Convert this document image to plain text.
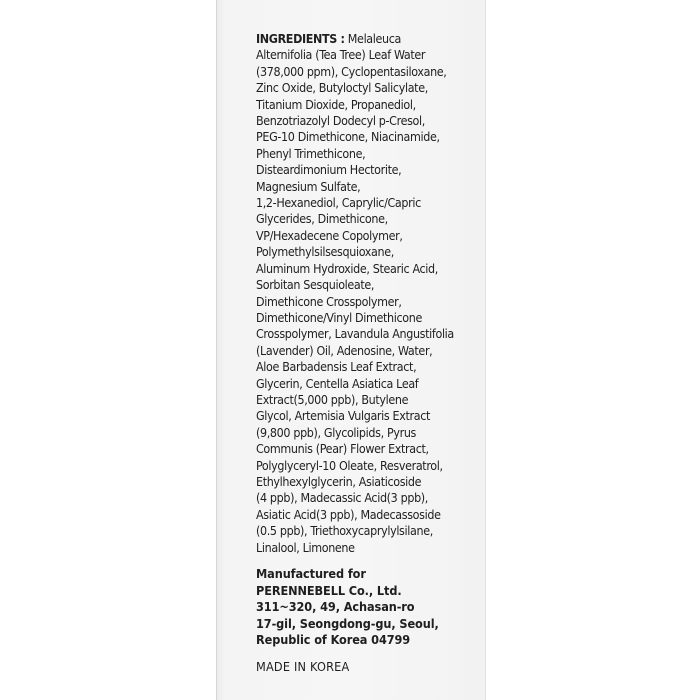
INGREDIENTS : Melaleuca
Alternifolia (Tea Tree) Leaf Water
(378,000 ppm), Cyclopentasiloxane,
Zinc Oxide, Butyloctyl Salicylate,
Titanium Dioxide, Propanediol,
Benzotriazolyl Dodecyl p-Cresol,
PEG-10 Dimethicone, Niacinamide,
Phenyl Trimethicone,
Disteardimonium Hectorite,
Magnesium Sulfate,
1,2-Hexanediol, Caprylic/Capric
Glycerides, Dimethicone,
VP/Hexadecene Copolymer,
Polymethylsilsesquioxane,
Aluminum Hydroxide, Stearic Acid,
Sorbitan Sesquioleate,
Dimethicone Crosspolymer,
Dimethicone/Vinyl Dimethicone
Crosspolymer, Lavandula Angustifolia
(Lavender) Oil, Adenosine, Water,
Aloe Barbadensis Leaf Extract,
Glycerin, Centella Asiatica Leaf
Extract(5,000 ppb), Butylene
Glycol, Artemisia Vulgaris Extract
(9,800 ppb), Glycolipids, Pyrus
Communis (Pear) Flower Extract,
Polyglyceryl-10 Oleate, Resveratrol,
Ethylhexylglycerin, Asiaticoside
(4 ppb), Madecassic Acid(3 ppb),
Asiatic Acid(3 ppb), Madecassoside
(0.5 ppb), Triethoxycaprylylsilane,
Linalool, Limonene
Manufactured for
PERENNEBELL Co., Ltd.
311~320, 49, Achasan-ro
17-gil, Seongdong-gu, Seoul,
Republic of Korea 04799
MADE IN KOREA
